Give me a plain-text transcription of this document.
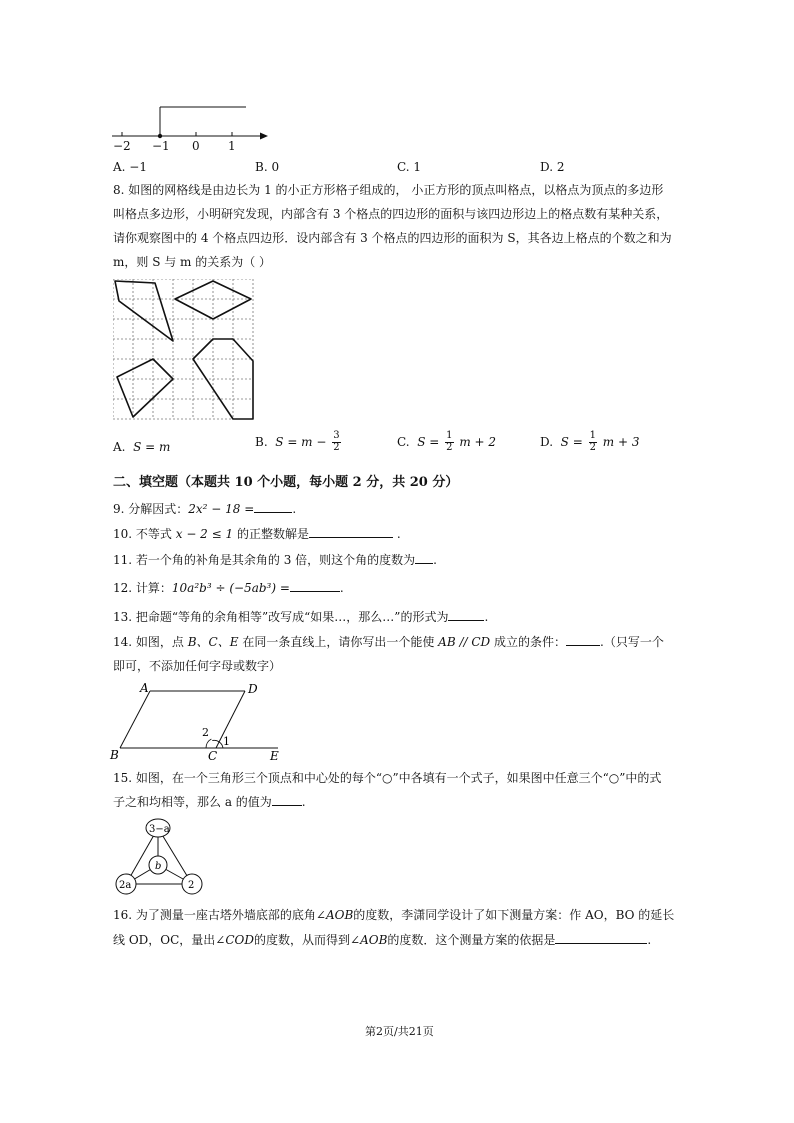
−2 −1 0 1
A. −1	B. 0	C. 1	D. 2
8. 如图的网格线是由边长为 1 的小正方形格子组成的， 小正方形的顶点叫格点，以格点为顶点的多边形
叫格点多边形，小明研究发现，内部含有 3 个格点的四边形的面积与该四边形边上的格点数有某种关系，
请你观察图中的 4 个格点四边形．设内部含有 3 个格点的四边形的面积为 S，其各边上格点的个数之和为
m，则 S 与 m 的关系为（ ）
A. S = m	B. $S = m - \frac{3}{2}$	C. $S = \frac{1}{2}$ m + 2	D. $S = \frac{1}{2}$ m + 3
二、填空题（本题共 10 个小题，每小题 2 分，共 20 分）
9. 分解因式：2x² − 18 =	.
10. 不等式 x − 2 ≤ 1 的正整数解是	.
11. 若一个角的补角是其余角的 3 倍，则这个角的度数为 .
12. 计算：10a²b³ ÷ (−5ab³) =	.
13. 把命题“等角的余角相等”改写成“如果…，那么…”的形式为	.
14. 如图，点 B、C、E 在同一条直线上，请你写出一个能使 AB // CD 成立的条件：	.（只写一个
即可，不添加任何字母或数字）
A	D
B	C	E
1
2
15. 如图，在一个三角形三个顶点和中心处的每个“○”中各填有一个式子，如果图中任意三个“○”中的式
子之和均相等，那么 a 的值为	.
3−a
b
2a	2
16. 为了测量一座古塔外墙底部的底角∠AOB的度数，李潇同学设计了如下测量方案：作 AO，BO 的延长
线 OD，OC，量出∠COD的度数，从而得到∠AOB的度数．这个测量方案的依据是	.
第2页/共21页
